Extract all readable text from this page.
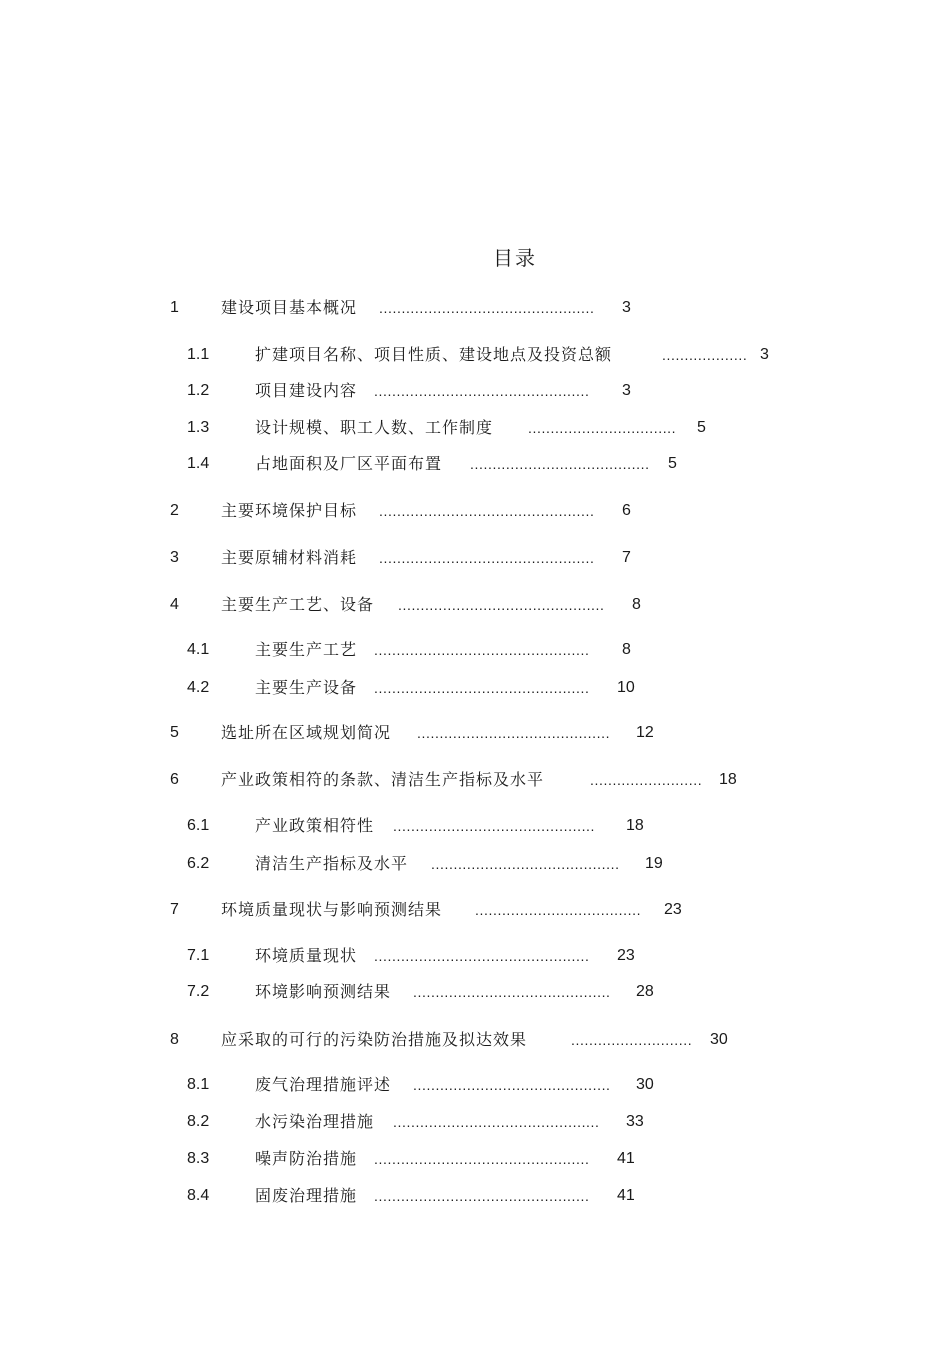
目录
1	建设项目基本概况 ................................................ 3
1.1	扩建项目名称、项目性质、建设地点及投资总额	................... 3
1.2	项目建设内容 ................................................ 3
1.3	设计规模、职工人数、工作制度 ................................. 5
1.4	占地面积及厂区平面布置 ........................................ 5
2	主要环境保护目标 ................................................ 6
3	主要原辅材料消耗 ................................................ 7
4	主要生产工艺、设备 .............................................. 8
4.1	主要生产工艺 ................................................ 8
4.2	主要生产设备 ................................................ 10
5	选址所在区域规划简况 ........................................... 12
6	产业政策相符的条款、清洁生产指标及水平	......................... 18
6.1	产业政策相符性 ............................................. 18
6.2	清洁生产指标及水平 .......................................... 19
7	环境质量现状与影响预测结果 ..................................... 23
7.1	环境质量现状 ................................................ 23
7.2	环境影响预测结果 ............................................ 28
8	应采取的可行的污染防治措施及拟达效果	........................... 30
8.1	废气治理措施评述 ............................................ 30
8.2	水污染治理措施 .............................................. 33
8.3	噪声防治措施 ................................................ 41
8.4	固废治理措施 ................................................ 41
